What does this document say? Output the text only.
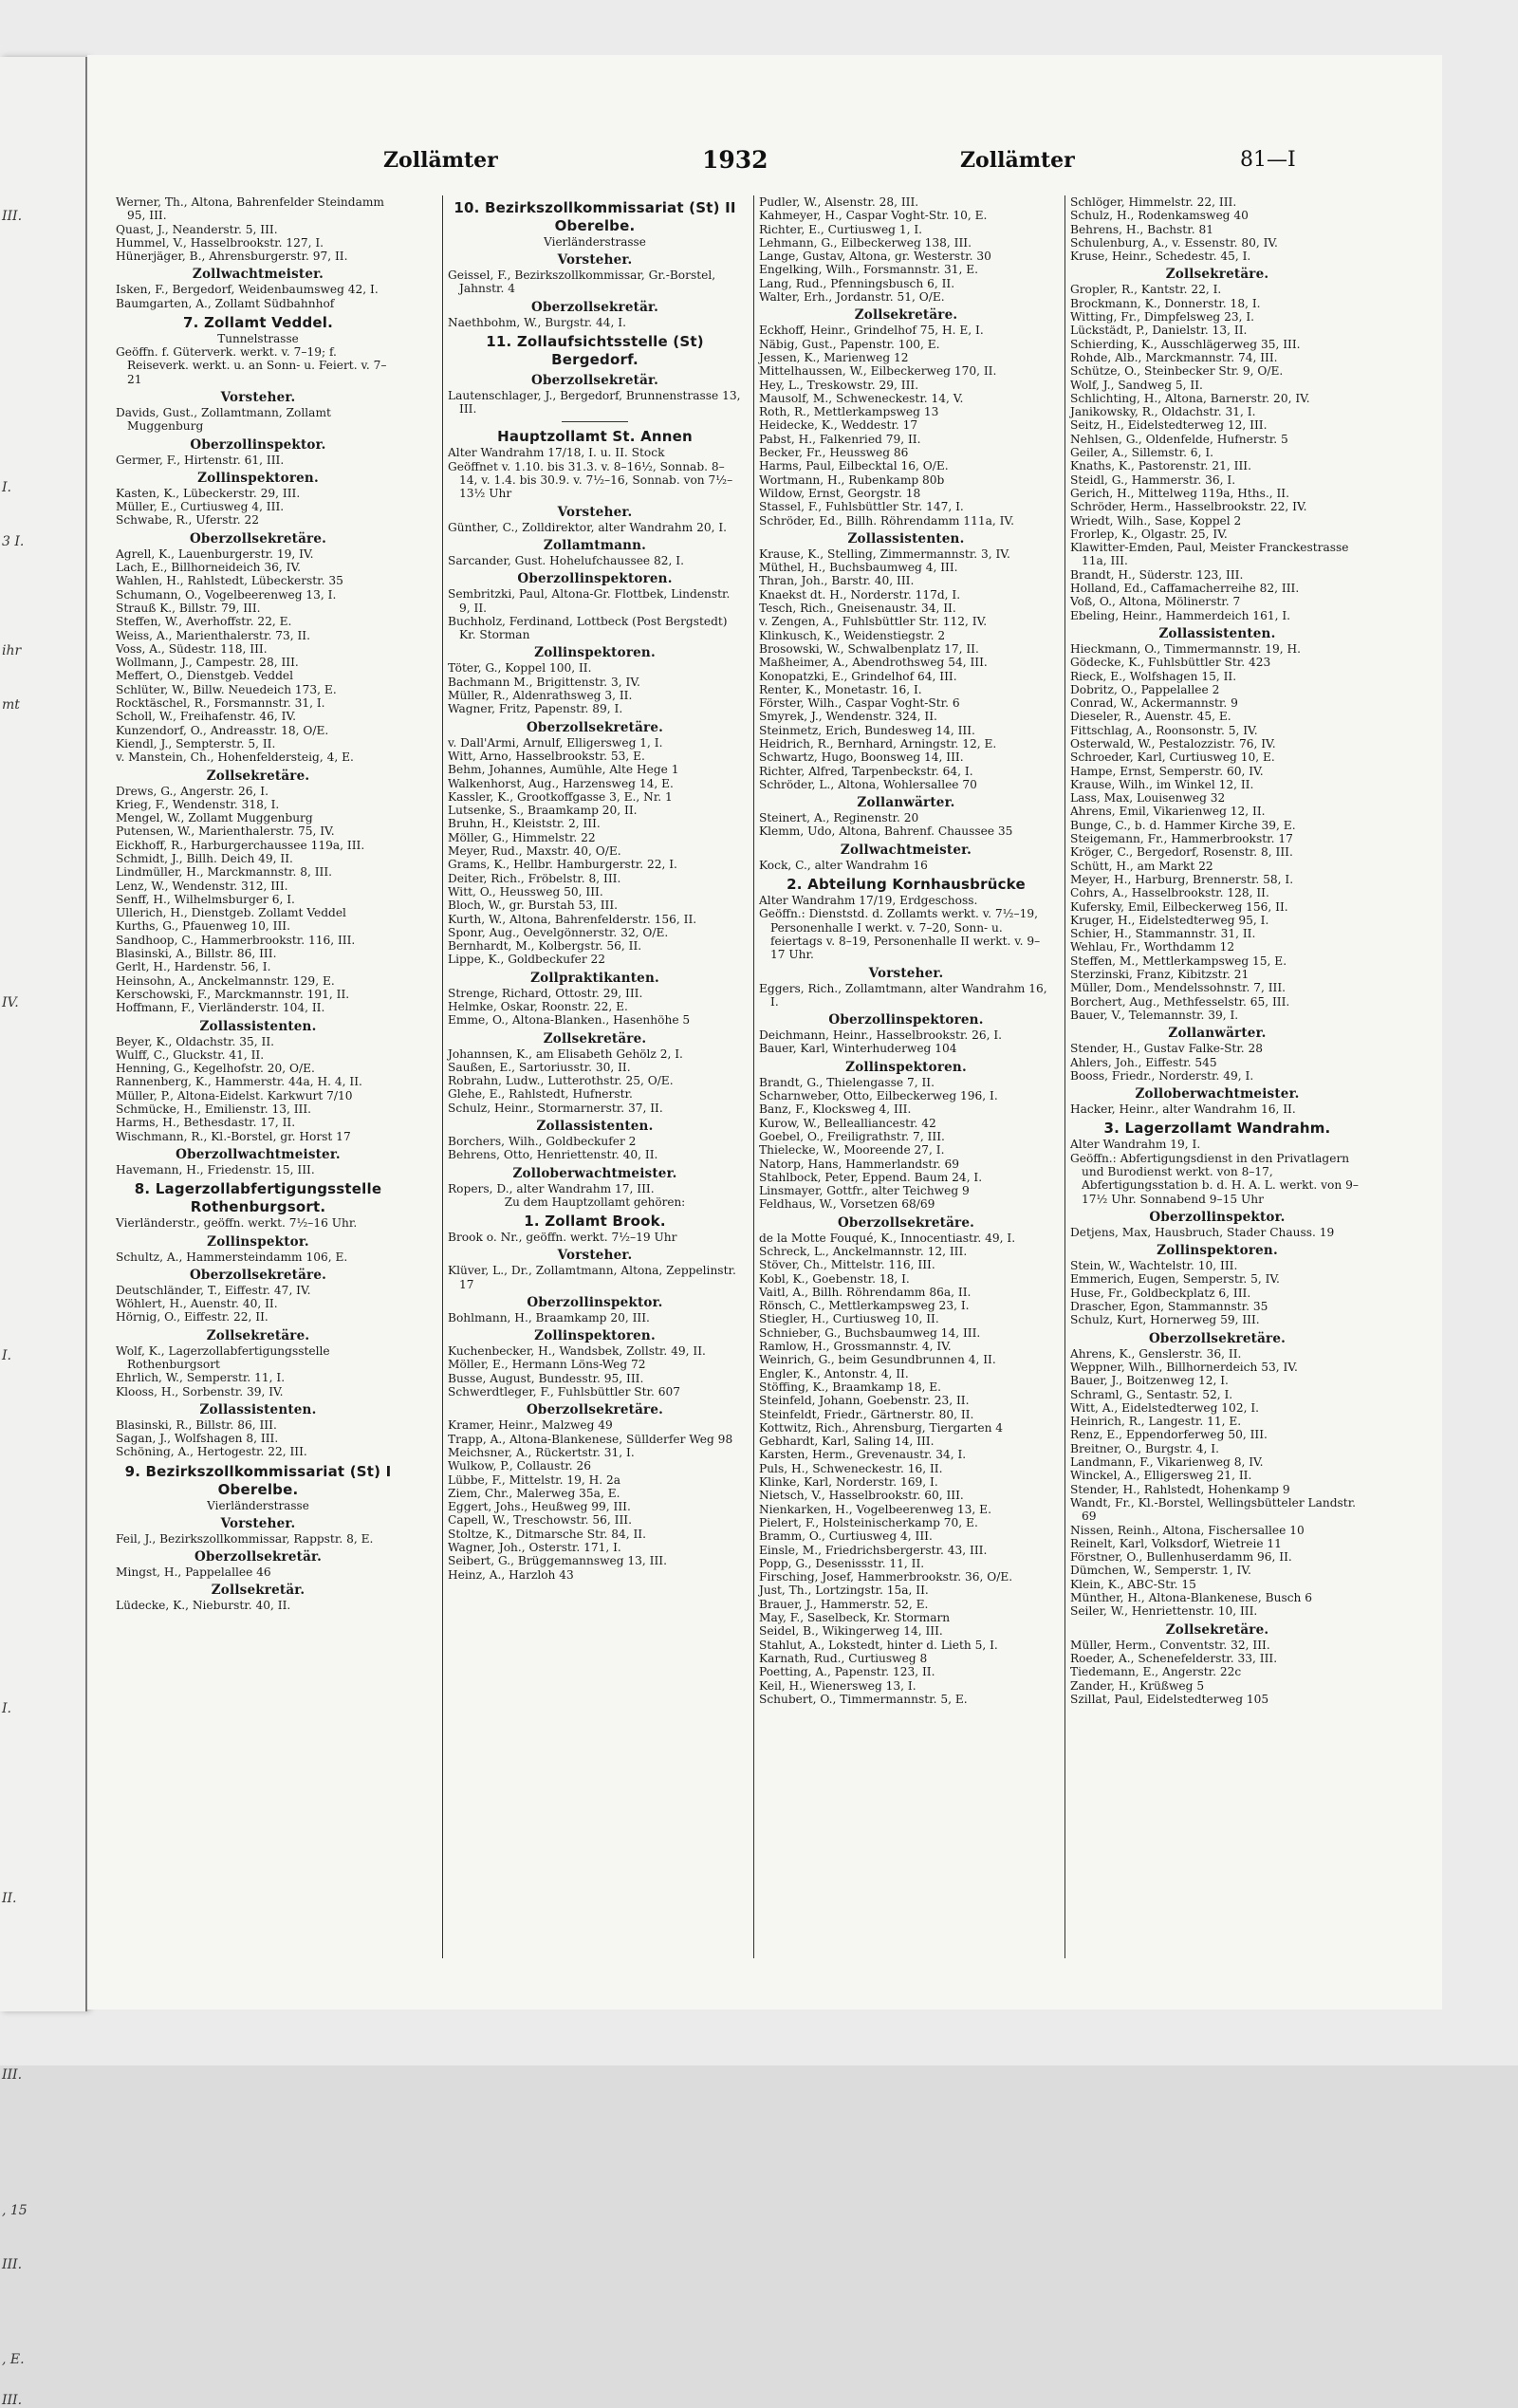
III.
I.
3 I.
ihr
mt
IV.
I.
I.
II.
III.
, 15
III.
, E.
III.
Zollämter	1932	Zollämter	81—I
Werner, Th., Altona, Bahrenfelder Steindamm 95, III.
Quast, J., Neanderstr. 5, III.
Hummel, V., Hasselbrookstr. 127, I.
Hünerjäger, B., Ahrensburgerstr. 97, II.
Zollwachtmeister.
Isken, F., Bergedorf, Weidenbaumsweg 42, I.
Baumgarten, A., Zollamt Südbahnhof
7. Zollamt Veddel.
Tunnelstrasse
Geöffn. f. Güterverk. werkt. v. 7–19; f. Reiseverk. werkt. u. an Sonn- u. Feiert. v. 7–21
Vorsteher.
Davids, Gust., Zollamtmann, Zollamt Muggenburg
Oberzollinspektor.
Germer, F., Hirtenstr. 61, III.
Zollinspektoren.
Kasten, K., Lübeckerstr. 29, III.
Müller, E., Curtiusweg 4, III.
Schwabe, R., Uferstr. 22
Oberzollsekretäre.
Agrell, K., Lauenburgerstr. 19, IV.
Lach, E., Billhorneideich 36, IV.
Wahlen, H., Rahlstedt, Lübeckerstr. 35
Schumann, O., Vogelbeerenweg 13, I.
Strauß K., Billstr. 79, III.
Steffen, W., Averhoffstr. 22, E.
Weiss, A., Marienthalerstr. 73, II.
Voss, A., Südestr. 118, III.
Wollmann, J., Campestr. 28, III.
Meffert, O., Dienstgeb. Veddel
Schlüter, W., Billw. Neuedeich 173, E.
Rocktäschel, R., Forsmannstr. 31, I.
Scholl, W., Freihafenstr. 46, IV.
Kunzendorf, O., Andreasstr. 18, O/E.
Kiendl, J., Sempterstr. 5, II.
v. Manstein, Ch., Hohenfeldersteig, 4, E.
Zollsekretäre.
Drews, G., Angerstr. 26, I.
Krieg, F., Wendenstr. 318, I.
Mengel, W., Zollamt Muggenburg
Putensen, W., Marienthalerstr. 75, IV.
Eickhoff, R., Harburgerchaussee 119a, III.
Schmidt, J., Billh. Deich 49, II.
Lindmüller, H., Marckmannstr. 8, III.
Lenz, W., Wendenstr. 312, III.
Senff, H., Wilhelmsburger 6, I.
Ullerich, H., Dienstgeb. Zollamt Veddel
Kurths, G., Pfauenweg 10, III.
Sandhoop, C., Hammerbrookstr. 116, III.
Blasinski, A., Billstr. 86, III.
Gerlt, H., Hardenstr. 56, I.
Heinsohn, A., Anckelmannstr. 129, E.
Kerschowski, F., Marckmannstr. 191, II.
Hoffmann, F., Vierländerstr. 104, II.
Zollassistenten.
Beyer, K., Oldachstr. 35, II.
Wulff, C., Gluckstr. 41, II.
Henning, G., Kegelhofstr. 20, O/E.
Rannenberg, K., Hammerstr. 44a, H. 4, II.
Müller, P., Altona-Eidelst. Karkwurt 7/10
Schmücke, H., Emilienstr. 13, III.
Harms, H., Bethesdastr. 17, II.
Wischmann, R., Kl.-Borstel, gr. Horst 17
Oberzollwachtmeister.
Havemann, H., Friedenstr. 15, III.
8. Lagerzollabfertigungsstelle Rothenburgsort.
Vierländerstr., geöffn. werkt. 7½–16 Uhr.
Zollinspektor.
Schultz, A., Hammersteindamm 106, E.
Oberzollsekretäre.
Deutschländer, T., Eiffestr. 47, IV.
Wöhlert, H., Auenstr. 40, II.
Hörnig, O., Eiffestr. 22, II.
Zollsekretäre.
Wolf, K., Lagerzollabfertigungsstelle Rothenburgsort
Ehrlich, W., Semperstr. 11, I.
Klooss, H., Sorbenstr. 39, IV.
Zollassistenten.
Blasinski, R., Billstr. 86, III.
Sagan, J., Wolfshagen 8, III.
Schöning, A., Hertogestr. 22, III.
9. Bezirkszollkommissariat (St) I Oberelbe.
Vierländerstrasse
Vorsteher.
Feil, J., Bezirkszollkommissar, Rappstr. 8, E.
Oberzollsekretär.
Mingst, H., Pappelallee 46
Zollsekretär.
Lüdecke, K., Nieburstr. 40, II.
10. Bezirkszollkommissariat (St) II Oberelbe.
Vierländerstrasse
Vorsteher.
Geissel, F., Bezirkszollkommissar, Gr.-Borstel, Jahnstr. 4
Oberzollsekretär.
Naethbohm, W., Burgstr. 44, I.
11. Zollaufsichtsstelle (St) Bergedorf.
Oberzollsekretär.
Lautenschlager, J., Bergedorf, Brunnenstrasse 13, III.
Hauptzollamt St. Annen
Alter Wandrahm 17/18, I. u. II. Stock
Geöffnet v. 1.10. bis 31.3. v. 8–16½, Sonnab. 8–14, v. 1.4. bis 30.9. v. 7½–16, Sonnab. von 7½–13½ Uhr
Vorsteher.
Günther, C., Zolldirektor, alter Wandrahm 20, I.
Zollamtmann.
Sarcander, Gust. Hohelufchaussee 82, I.
Oberzollinspektoren.
Sembritzki, Paul, Altona-Gr. Flottbek, Lindenstr. 9, II.
Buchholz, Ferdinand, Lottbeck (Post Bergstedt) Kr. Storman
Zollinspektoren.
Töter, G., Koppel 100, II.
Bachmann M., Brigittenstr. 3, IV.
Müller, R., Aldenrathsweg 3, II.
Wagner, Fritz, Papenstr. 89, I.
Oberzollsekretäre.
v. Dall'Armi, Arnulf, Elligersweg 1, I.
Witt, Arno, Hasselbrookstr. 53, E.
Behm, Johannes, Aumühle, Alte Hege 1
Walkenhorst, Aug., Harzensweg 14, E.
Kassler, K., Grootkoffgasse 3, E., Nr. 1
Lutsenke, S., Braamkamp 20, II.
Bruhn, H., Kleiststr. 2, III.
Möller, G., Himmelstr. 22
Meyer, Rud., Maxstr. 40, O/E.
Grams, K., Hellbr. Hamburgerstr. 22, I.
Deiter, Rich., Fröbelstr. 8, III.
Witt, O., Heussweg 50, III.
Bloch, W., gr. Burstah 53, III.
Kurth, W., Altona, Bahrenfelderstr. 156, II.
Sponr, Aug., Oevelgönnerstr. 32, O/E.
Bernhardt, M., Kolbergstr. 56, II.
Lippe, K., Goldbeckufer 22
Zollpraktikanten.
Strenge, Richard, Ottostr. 29, III.
Helmke, Oskar, Roonstr. 22, E.
Emme, O., Altona-Blanken., Hasenhöhe 5
Zollsekretäre.
Johannsen, K., am Elisabeth Gehölz 2, I.
Saußen, E., Sartoriusstr. 30, II.
Robrahn, Ludw., Lutterothstr. 25, O/E.
Glehe, E., Rahlstedt, Hufnerstr.
Schulz, Heinr., Stormarnerstr. 37, II.
Zollassistenten.
Borchers, Wilh., Goldbeckufer 2
Behrens, Otto, Henriettenstr. 40, II.
Zolloberwachtmeister.
Ropers, D., alter Wandrahm 17, III.
Zu dem Hauptzollamt gehören:
1. Zollamt Brook.
Brook o. Nr., geöffn. werkt. 7½–19 Uhr
Vorsteher.
Klüver, L., Dr., Zollamtmann, Altona, Zeppelinstr. 17
Oberzollinspektor.
Bohlmann, H., Braamkamp 20, III.
Zollinspektoren.
Kuchenbecker, H., Wandsbek, Zollstr. 49, II.
Möller, E., Hermann Löns-Weg 72
Busse, August, Bundesstr. 95, III.
Schwerdtleger, F., Fuhlsbüttler Str. 607
Oberzollsekretäre.
Kramer, Heinr., Malzweg 49
Trapp, A., Altona-Blankenese, Süllderfer Weg 98
Meichsner, A., Rückertstr. 31, I.
Wulkow, P., Collaustr. 26
Lübbe, F., Mittelstr. 19, H. 2a
Ziem, Chr., Malerweg 35a, E.
Eggert, Johs., Heußweg 99, III.
Capell, W., Treschowstr. 56, III.
Stoltze, K., Ditmarsche Str. 84, II.
Wagner, Joh., Osterstr. 171, I.
Seibert, G., Brüggemannsweg 13, III.
Heinz, A., Harzloh 43
Pudler, W., Alsenstr. 28, III.
Kahmeyer, H., Caspar Voght-Str. 10, E.
Richter, E., Curtiusweg 1, I.
Lehmann, G., Eilbeckerweg 138, III.
Lange, Gustav, Altona, gr. Westerstr. 30
Engelking, Wilh., Forsmannstr. 31, E.
Lang, Rud., Pfenningsbusch 6, II.
Walter, Erh., Jordanstr. 51, O/E.
Zollsekretäre.
Eckhoff, Heinr., Grindelhof 75, H. E, I.
Näbig, Gust., Papenstr. 100, E.
Jessen, K., Marienweg 12
Mittelhaussen, W., Eilbeckerweg 170, II.
Hey, L., Treskowstr. 29, III.
Mausolf, M., Schweneckestr. 14, V.
Roth, R., Mettlerkampsweg 13
Heidecke, K., Weddestr. 17
Pabst, H., Falkenried 79, II.
Becker, Fr., Heussweg 86
Harms, Paul, Eilbecktal 16, O/E.
Wortmann, H., Rubenkamp 80b
Wildow, Ernst, Georgstr. 18
Stassel, F., Fuhlsbüttler Str. 147, I.
Schröder, Ed., Billh. Röhrendamm 111a, IV.
Zollassistenten.
Krause, K., Stelling, Zimmermannstr. 3, IV.
Müthel, H., Buchsbaumweg 4, III.
Thran, Joh., Barstr. 40, III.
Knaekst dt. H., Norderstr. 117d, I.
Tesch, Rich., Gneisenaustr. 34, II.
v. Zengen, A., Fuhlsbüttler Str. 112, IV.
Klinkusch, K., Weidenstiegstr. 2
Brosowski, W., Schwalbenplatz 17, II.
Maßheimer, A., Abendrothsweg 54, III.
Konopatzki, E., Grindelhof 64, III.
Renter, K., Monetastr. 16, I.
Förster, Wilh., Caspar Voght-Str. 6
Smyrek, J., Wendenstr. 324, II.
Steinmetz, Erich, Bundesweg 14, III.
Heidrich, R., Bernhard, Arningstr. 12, E.
Schwartz, Hugo, Boonsweg 14, III.
Richter, Alfred, Tarpenbeckstr. 64, I.
Schröder, L., Altona, Wohlersallee 70
Zollanwärter.
Steinert, A., Reginenstr. 20
Klemm, Udo, Altona, Bahrenf. Chaussee 35
Zollwachtmeister.
Kock, C., alter Wandrahm 16
2. Abteilung Kornhausbrücke
Alter Wandrahm 17/19, Erdgeschoss.
Geöffn.: Dienststd. d. Zollamts werkt. v. 7½–19, Personenhalle I werkt. v. 7–20, Sonn- u. feiertags v. 8–19, Personenhalle II werkt. v. 9–17 Uhr.
Vorsteher.
Eggers, Rich., Zollamtmann, alter Wandrahm 16, I.
Oberzollinspektoren.
Deichmann, Heinr., Hasselbrookstr. 26, I.
Bauer, Karl, Winterhuderweg 104
Zollinspektoren.
Brandt, G., Thielengasse 7, II.
Scharnweber, Otto, Eilbeckerweg 196, I.
Banz, F., Klocksweg 4, III.
Kurow, W., Bellealliancestr. 42
Goebel, O., Freiligrathstr. 7, III.
Thielecke, W., Mooreende 27, I.
Natorp, Hans, Hammerlandstr. 69
Stahlbock, Peter, Eppend. Baum 24, I.
Linsmayer, Gottfr., alter Teichweg 9
Feldhaus, W., Vorsetzen 68/69
Oberzollsekretäre.
de la Motte Fouqué, K., Innocentiastr. 49, I.
Schreck, L., Anckelmannstr. 12, III.
Stöver, Ch., Mittelstr. 116, III.
Kobl, K., Goebenstr. 18, I.
Vaitl, A., Billh. Röhrendamm 86a, II.
Rönsch, C., Mettlerkampsweg 23, I.
Stiegler, H., Curtiusweg 10, II.
Schnieber, G., Buchsbaumweg 14, III.
Ramlow, H., Grossmannstr. 4, IV.
Weinrich, G., beim Gesundbrunnen 4, II.
Engler, K., Antonstr. 4, II.
Stöffing, K., Braamkamp 18, E.
Steinfeld, Johann, Goebenstr. 23, II.
Steinfeldt, Friedr., Gärtnerstr. 80, II.
Kottwitz, Rich., Ahrensburg, Tiergarten 4
Gebhardt, Karl, Saling 14, III.
Karsten, Herm., Grevenaustr. 34, I.
Puls, H., Schweneckestr. 16, II.
Klinke, Karl, Norderstr. 169, I.
Nietsch, V., Hasselbrookstr. 60, III.
Nienkarken, H., Vogelbeerenweg 13, E.
Pielert, F., Holsteinischerkamp 70, E.
Bramm, O., Curtiusweg 4, III.
Einsle, M., Friedrichsbergerstr. 43, III.
Popp, G., Desenissstr. 11, II.
Firsching, Josef, Hammerbrookstr. 36, O/E.
Just, Th., Lortzingstr. 15a, II.
Brauer, J., Hammerstr. 52, E.
May, F., Saselbeck, Kr. Stormarn
Seidel, B., Wikingerweg 14, III.
Stahlut, A., Lokstedt, hinter d. Lieth 5, I.
Karnath, Rud., Curtiusweg 8
Poetting, A., Papenstr. 123, II.
Keil, H., Wienersweg 13, I.
Schubert, O., Timmermannstr. 5, E.
Schlöger, Himmelstr. 22, III.
Schulz, H., Rodenkamsweg 40
Behrens, H., Bachstr. 81
Schulenburg, A., v. Essenstr. 80, IV.
Kruse, Heinr., Schedestr. 45, I.
Zollsekretäre.
Gropler, R., Kantstr. 22, I.
Brockmann, K., Donnerstr. 18, I.
Witting, Fr., Dimpfelsweg 23, I.
Lückstädt, P., Danielstr. 13, II.
Schierding, K., Ausschlägerweg 35, III.
Rohde, Alb., Marckmannstr. 74, III.
Schütze, O., Steinbecker Str. 9, O/E.
Wolf, J., Sandweg 5, II.
Schlichting, H., Altona, Barnerstr. 20, IV.
Janikowsky, R., Oldachstr. 31, I.
Seitz, H., Eidelstedterweg 12, III.
Nehlsen, G., Oldenfelde, Hufnerstr. 5
Geiler, A., Sillemstr. 6, I.
Knaths, K., Pastorenstr. 21, III.
Steidl, G., Hammerstr. 36, I.
Gerich, H., Mittelweg 119a, Hths., II.
Schröder, Herm., Hasselbrookstr. 22, IV.
Wriedt, Wilh., Sase, Koppel 2
Frorlep, K., Olgastr. 25, IV.
Klawitter-Emden, Paul, Meister Franckestrasse 11a, III.
Brandt, H., Süderstr. 123, III.
Holland, Ed., Caffamacherreihe 82, III.
Voß, O., Altona, Mölinerstr. 7
Ebeling, Heinr., Hammerdeich 161, I.
Zollassistenten.
Hieckmann, O., Timmermannstr. 19, H.
Gödecke, K., Fuhlsbüttler Str. 423
Rieck, E., Wolfshagen 15, II.
Dobritz, O., Pappelallee 2
Conrad, W., Ackermannstr. 9
Dieseler, R., Auenstr. 45, E.
Fittschlag, A., Roonsonstr. 5, IV.
Osterwald, W., Pestalozzistr. 76, IV.
Schroeder, Karl, Curtiusweg 10, E.
Hampe, Ernst, Semperstr. 60, IV.
Krause, Wilh., im Winkel 12, II.
Lass, Max, Louisenweg 32
Ahrens, Emil, Vikarienweg 12, II.
Bunge, C., b. d. Hammer Kirche 39, E.
Steigemann, Fr., Hammerbrookstr. 17
Kröger, C., Bergedorf, Rosenstr. 8, III.
Schütt, H., am Markt 22
Meyer, H., Harburg, Brennerstr. 58, I.
Cohrs, A., Hasselbrookstr. 128, II.
Kufersky, Emil, Eilbeckerweg 156, II.
Kruger, H., Eidelstedterweg 95, I.
Schier, H., Stammannstr. 31, II.
Wehlau, Fr., Worthdamm 12
Steffen, M., Mettlerkampsweg 15, E.
Sterzinski, Franz, Kibitzstr. 21
Müller, Dom., Mendelssohnstr. 7, III.
Borchert, Aug., Methfesselstr. 65, III.
Bauer, V., Telemannstr. 39, I.
Zollanwärter.
Stender, H., Gustav Falke-Str. 28
Ahlers, Joh., Eiffestr. 545
Booss, Friedr., Norderstr. 49, I.
Zolloberwachtmeister.
Hacker, Heinr., alter Wandrahm 16, II.
3. Lagerzollamt Wandrahm.
Alter Wandrahm 19, I.
Geöffn.: Abfertigungsdienst in den Privatlagern und Burodienst werkt. von 8–17, Abfertigungsstation b. d. H. A. L. werkt. von 9–17½ Uhr. Sonnabend 9–15 Uhr
Oberzollinspektor.
Detjens, Max, Hausbruch, Stader Chauss. 19
Zollinspektoren.
Stein, W., Wachtelstr. 10, III.
Emmerich, Eugen, Semperstr. 5, IV.
Huse, Fr., Goldbeckplatz 6, III.
Drascher, Egon, Stammannstr. 35
Schulz, Kurt, Hornerweg 59, III.
Oberzollsekretäre.
Ahrens, K., Genslerstr. 36, II.
Weppner, Wilh., Billhornerdeich 53, IV.
Bauer, J., Boitzenweg 12, I.
Schraml, G., Sentastr. 52, I.
Witt, A., Eidelstedterweg 102, I.
Heinrich, R., Langestr. 11, E.
Renz, E., Eppendorferweg 50, III.
Breitner, O., Burgstr. 4, I.
Landmann, F., Vikarienweg 8, IV.
Winckel, A., Elligersweg 21, II.
Stender, H., Rahlstedt, Hohenkamp 9
Wandt, Fr., Kl.-Borstel, Wellingsbütteler Landstr. 69
Nissen, Reinh., Altona, Fischersallee 10
Reinelt, Karl, Volksdorf, Wietreie 11
Förstner, O., Bullenhuserdamm 96, II.
Dümchen, W., Semperstr. 1, IV.
Klein, K., ABC-Str. 15
Münther, H., Altona-Blankenese, Busch 6
Seiler, W., Henriettenstr. 10, III.
Zollsekretäre.
Müller, Herm., Conventstr. 32, III.
Roeder, A., Schenefelderstr. 33, III.
Tiedemann, E., Angerstr. 22c
Zander, H., Krüßweg 5
Szillat, Paul, Eidelstedterweg 105
